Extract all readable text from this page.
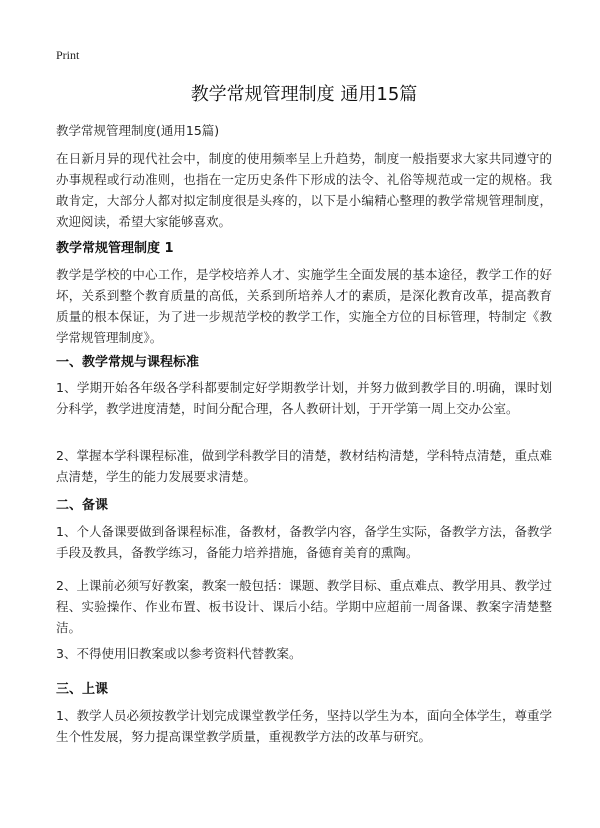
Print
教学常规管理制度 通用15篇
教学常规管理制度(通用15篇)

在日新月异的现代社会中，制度的使用频率呈上升趋势，制度一般指要求大家共同遵守的办事规程或行动准则，也指在一定历史条件下形成的法令、礼俗等规范或一定的规格。我敢肯定，大部分人都对拟定制度很是头疼的，以下是小编精心整理的教学常规管理制度，欢迎阅读，希望大家能够喜欢。

教学常规管理制度 1

教学是学校的中心工作，是学校培养人才、实施学生全面发展的基本途径，教学工作的好坏，关系到整个教育质量的高低，关系到所培养人才的素质，是深化教育改革，提高教育质量的根本保证，为了进一步规范学校的教学工作，实施全方位的目标管理，特制定《教学常规管理制度》。

一、教学常规与课程标准

1、学期开始各年级各学科都要制定好学期教学计划，并努力做到教学目的.明确，课时划分科学，教学进度清楚，时间分配合理，各人教研计划，于开学第一周上交办公室。

2、掌握本学科课程标准，做到学科教学目的清楚，教材结构清楚，学科特点清楚，重点难点清楚，学生的能力发展要求清楚。

二、备课

1、个人备课要做到备课程标准，备教材，备教学内容，备学生实际，备教学方法，备教学手段及教具，备教学练习，备能力培养措施，备德育美育的熏陶。

2、上课前必须写好教案，教案一般包括：课题、教学目标、重点难点、教学用具、教学过程、实验操作、作业布置、板书设计、课后小结。学期中应超前一周备课、教案字清楚整洁。

3、不得使用旧教案或以参考资料代替教案。

三、上课

1、教学人员必须按教学计划完成课堂教学任务，坚持以学生为本，面向全体学生，尊重学生个性发展，努力提高课堂教学质量，重视教学方法的改革与研究。
